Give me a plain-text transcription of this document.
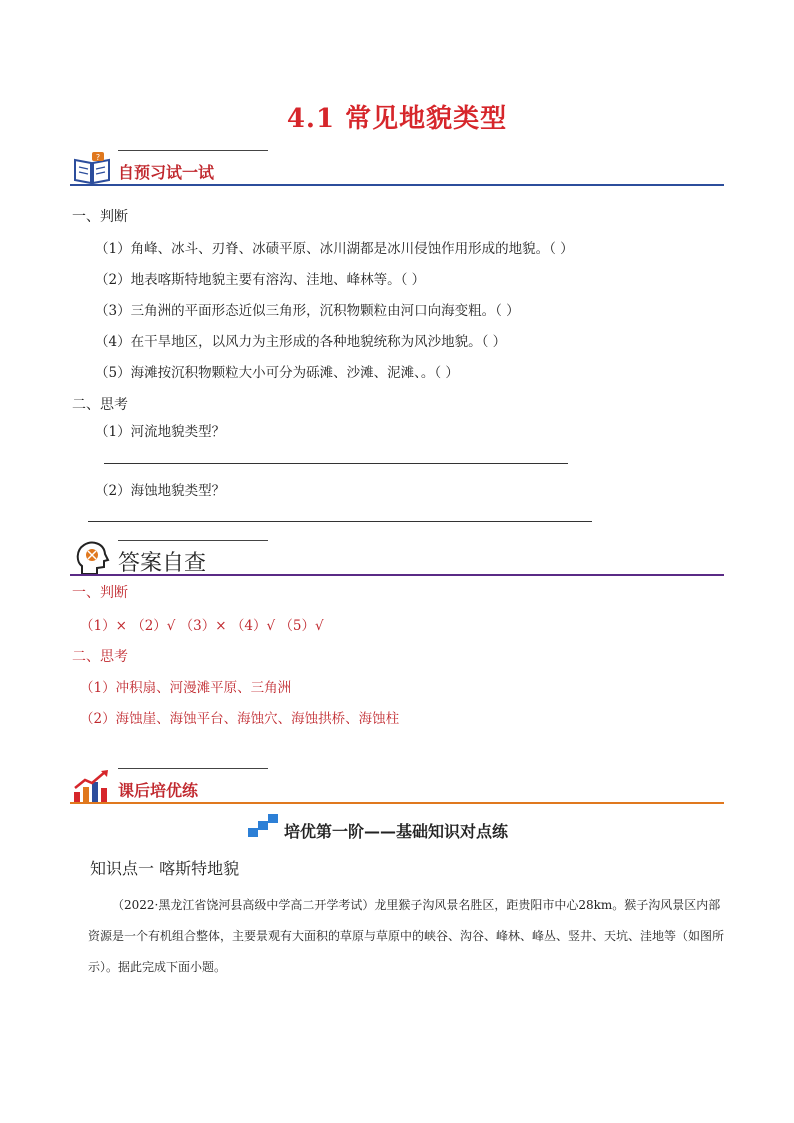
4.1 常见地貌类型
?
自预习试一试
一、判断
（1）角峰、冰斗、刃脊、冰碛平原、冰川湖都是冰川侵蚀作用形成的地貌。（ ）
（2）地表喀斯特地貌主要有溶沟、洼地、峰林等。（ ）
（3）三角洲的平面形态近似三角形，沉积物颗粒由河口向海变粗。（ ）
（4）在干旱地区，以风力为主形成的各种地貌统称为风沙地貌。（ ）
（5）海滩按沉积物颗粒大小可分为砾滩、沙滩、泥滩、。（ ）
二、思考
（1）河流地貌类型？
（2）海蚀地貌类型？
答案自查
一、判断
（1）× （2）√ （3）× （4）√ （5）√
二、思考
（1）冲积扇、河漫滩平原、三角洲
（2）海蚀崖、海蚀平台、海蚀穴、海蚀拱桥、海蚀柱
课后培优练
培优第一阶——基础知识对点练
知识点一 喀斯特地貌
（2022·黑龙江省饶河县高级中学高二开学考试）龙里猴子沟风景名胜区，距贵阳市中心28km。猴子沟风景区内部资源是一个有机组合整体，主要景观有大面积的草原与草原中的峡谷、沟谷、峰林、峰丛、竖井、天坑、洼地等（如图所示）。据此完成下面小题。
